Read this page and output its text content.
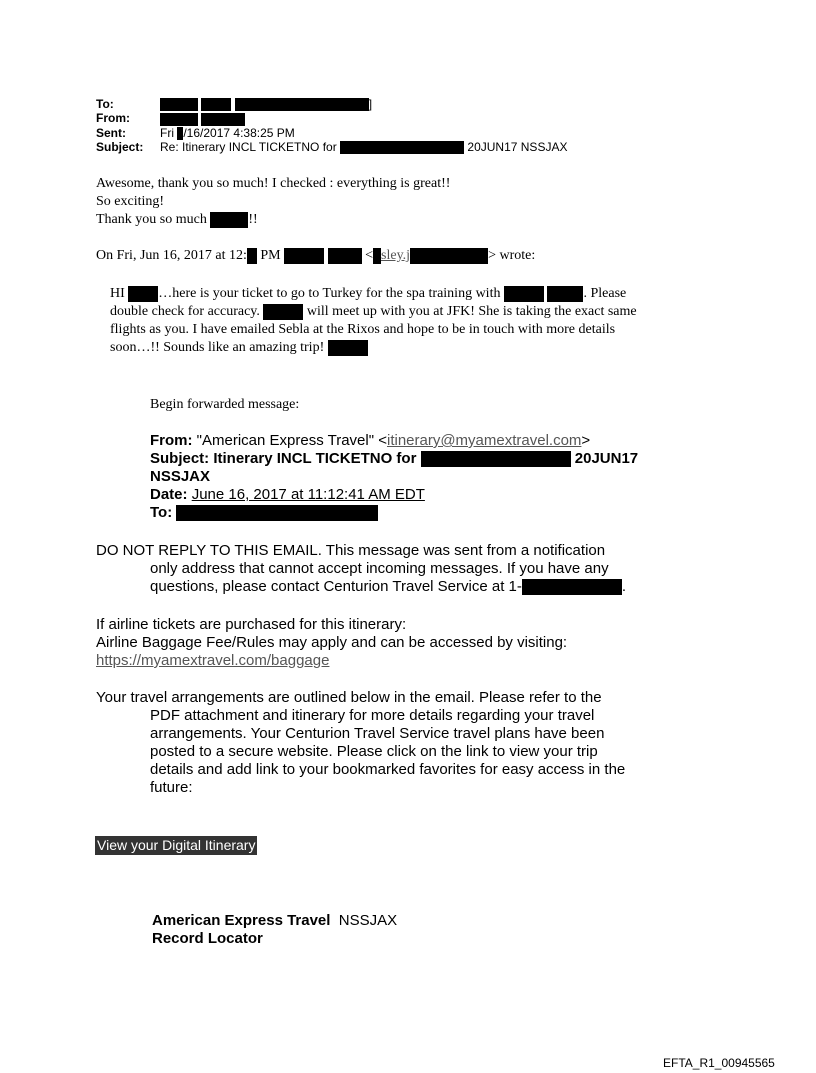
To:	]
From:
Sent:	Fri /16/2017 4:38:25 PM
Subject: Re: Itinerary INCL TICKETNO for	20JUN17 NSSJAX
Awesome, thank you so much! I checked : everything is great!!
So exciting!
Thank you so much	!!
On Fri, Jun 16, 2017 at 12: PM	< sley.j	> wrote:
HI …here is your ticket to go to Turkey for the spa training with	. Please
double check for accuracy.	will meet up with you at JFK! She is taking the exact same
flights as you. I have emailed Sebla at the Rixos and hope to be in touch with more details
soon…!! Sounds like an amazing trip!
Begin forwarded message:
From: "American Express Travel" <itinerary@myamextravel.com>
Subject: Itinerary INCL TICKETNO for	20JUN17
NSSJAX
Date: June 16, 2017 at 11:12:41 AM EDT
To:
DO NOT REPLY TO THIS EMAIL. This message was sent from a notification
only address that cannot accept incoming messages. If you have any
questions, please contact Centurion Travel Service at 1-	.
If airline tickets are purchased for this itinerary:
Airline Baggage Fee/Rules may apply and can be accessed by visiting:
https://myamextravel.com/baggage
Your travel arrangements are outlined below in the email. Please refer to the
PDF attachment and itinerary for more details regarding your travel
arrangements. Your Centurion Travel Service travel plans have been
posted to a secure website. Please click on the link to view your trip
details and add link to your bookmarked favorites for easy access in the
future:
View your Digital Itinerary
American Express Travel NSSJAX
Record Locator
EFTA_R1_00945565
